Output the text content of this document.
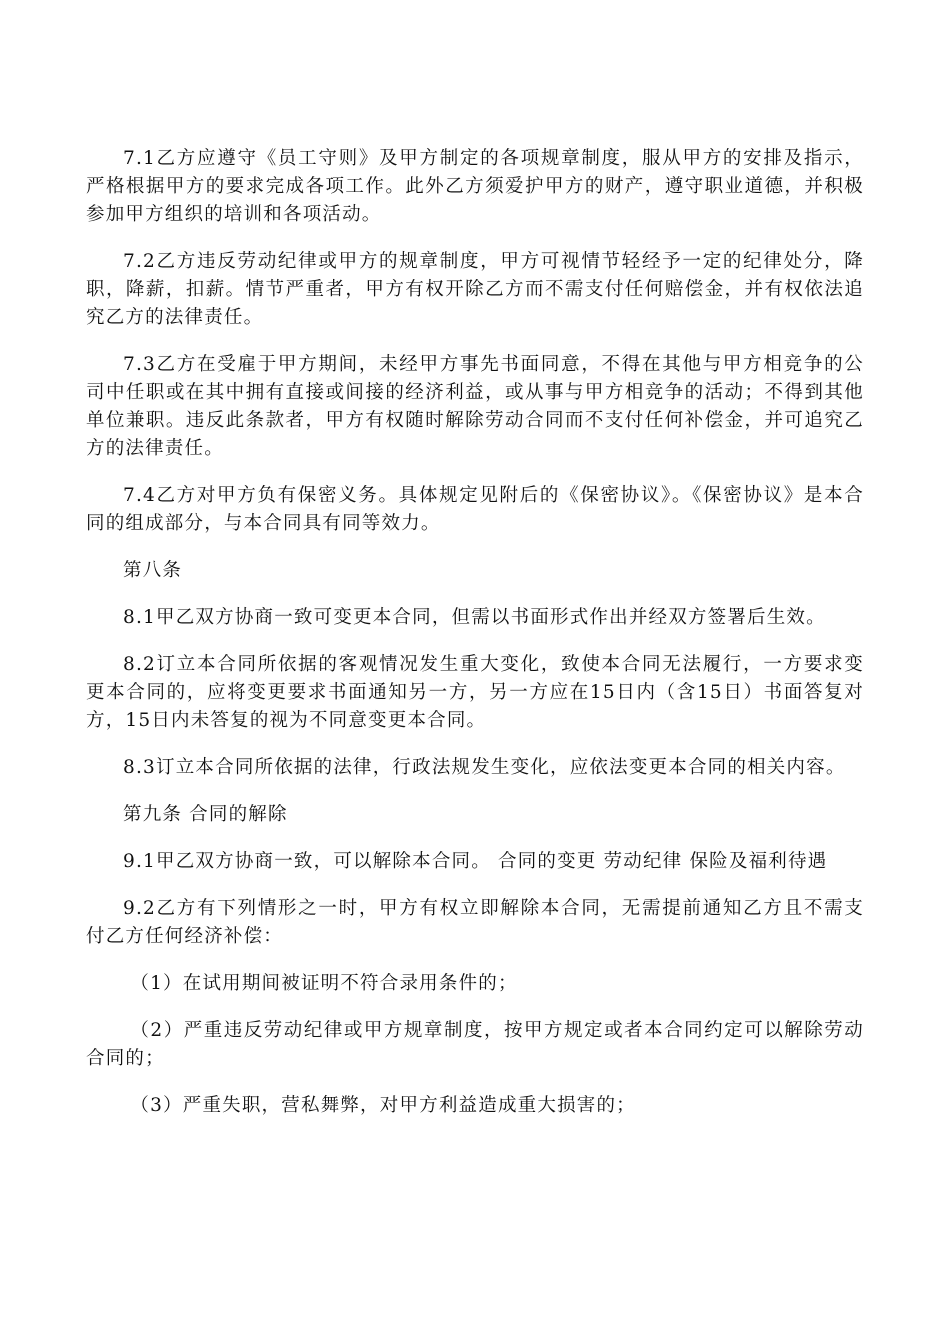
7.1乙方应遵守《员工守则》及甲方制定的各项规章制度，服从甲方的安排及指示，严格根据甲方的要求完成各项工作。此外乙方须爱护甲方的财产，遵守职业道德，并积极参加甲方组织的培训和各项活动。

7.2乙方违反劳动纪律或甲方的规章制度，甲方可视情节轻经予一定的纪律处分，降职，降薪，扣薪。情节严重者，甲方有权开除乙方而不需支付任何赔偿金，并有权依法追究乙方的法律责任。

7.3乙方在受雇于甲方期间，未经甲方事先书面同意，不得在其他与甲方相竞争的公司中任职或在其中拥有直接或间接的经济利益，或从事与甲方相竞争的活动；不得到其他单位兼职。违反此条款者，甲方有权随时解除劳动合同而不支付任何补偿金，并可追究乙方的法律责任。

7.4乙方对甲方负有保密义务。具体规定见附后的《保密协议》。《保密协议》是本合同的组成部分，与本合同具有同等效力。

第八条

8.1甲乙双方协商一致可变更本合同，但需以书面形式作出并经双方签署后生效。

8.2订立本合同所依据的客观情况发生重大变化，致使本合同无法履行，一方要求变更本合同的，应将变更要求书面通知另一方，另一方应在15日内（含15日）书面答复对方，15日内未答复的视为不同意变更本合同。

8.3订立本合同所依据的法律，行政法规发生变化，应依法变更本合同的相关内容。

第九条 合同的解除

9.1甲乙双方协商一致，可以解除本合同。 合同的变更 劳动纪律 保险及福利待遇

9.2乙方有下列情形之一时，甲方有权立即解除本合同，无需提前通知乙方且不需支付乙方任何经济补偿：

（1）在试用期间被证明不符合录用条件的；

（2）严重违反劳动纪律或甲方规章制度，按甲方规定或者本合同约定可以解除劳动合同的；

（3）严重失职，营私舞弊，对甲方利益造成重大损害的；
